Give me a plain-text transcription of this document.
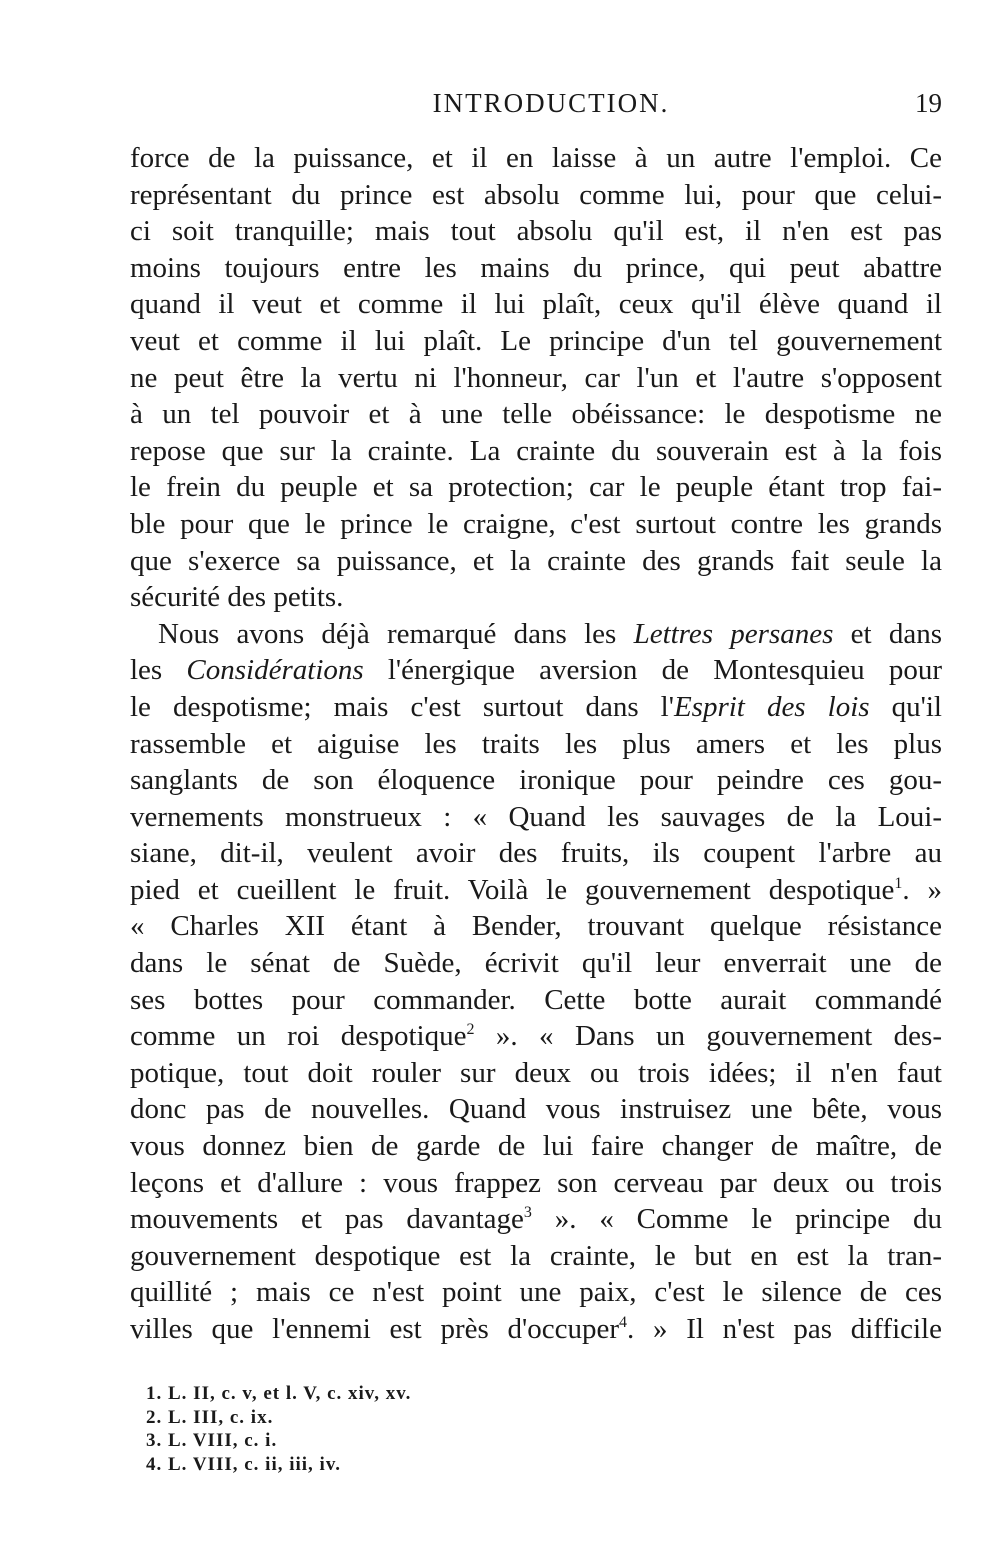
INTRODUCTION.	19
force de la puissance, et il en laisse à un autre l'emploi. Ce
représentant du prince est absolu comme lui, pour que celui-
ci soit tranquille; mais tout absolu qu'il est, il n'en est pas
moins toujours entre les mains du prince, qui peut abattre
quand il veut et comme il lui plaît, ceux qu'il élève quand il
veut et comme il lui plaît. Le principe d'un tel gouvernement
ne peut être la vertu ni l'honneur, car l'un et l'autre s'opposent
à un tel pouvoir et à une telle obéissance: le despotisme ne
repose que sur la crainte. La crainte du souverain est à la fois
le frein du peuple et sa protection; car le peuple étant trop fai-
ble pour que le prince le craigne, c'est surtout contre les grands
que s'exerce sa puissance, et la crainte des grands fait seule la
sécurité des petits.
Nous avons déjà remarqué dans les Lettres persanes et dans
les Considérations l'énergique aversion de Montesquieu pour
le despotisme; mais c'est surtout dans l'Esprit des lois qu'il
rassemble et aiguise les traits les plus amers et les plus
sanglants de son éloquence ironique pour peindre ces gou-
vernements monstrueux : « Quand les sauvages de la Loui-
siane, dit-il, veulent avoir des fruits, ils coupent l'arbre au
pied et cueillent le fruit. Voilà le gouvernement despotique$^1$. »
« Charles XII étant à Bender, trouvant quelque résistance
dans le sénat de Suède, écrivit qu'il leur enverrait une de
ses bottes pour commander. Cette botte aurait commandé
comme un roi despotique$^2$ ». « Dans un gouvernement des-
potique, tout doit rouler sur deux ou trois idées; il n'en faut
donc pas de nouvelles. Quand vous instruisez une bête, vous
vous donnez bien de garde de lui faire changer de maître, de
leçons et d'allure : vous frappez son cerveau par deux ou trois
mouvements et pas davantage$^3$ ». « Comme le principe du
gouvernement despotique est la crainte, le but en est la tran-
quillité ; mais ce n'est point une paix, c'est le silence de ces
villes que l'ennemi est près d'occuper$^4$. » Il n'est pas difficile
1. L. II, c. v, et l. V, c. xiv, xv.
2. L. III, c. ix.
3. L. VIII, c. i.
4. L. VIII, c. ii, iii, iv.
